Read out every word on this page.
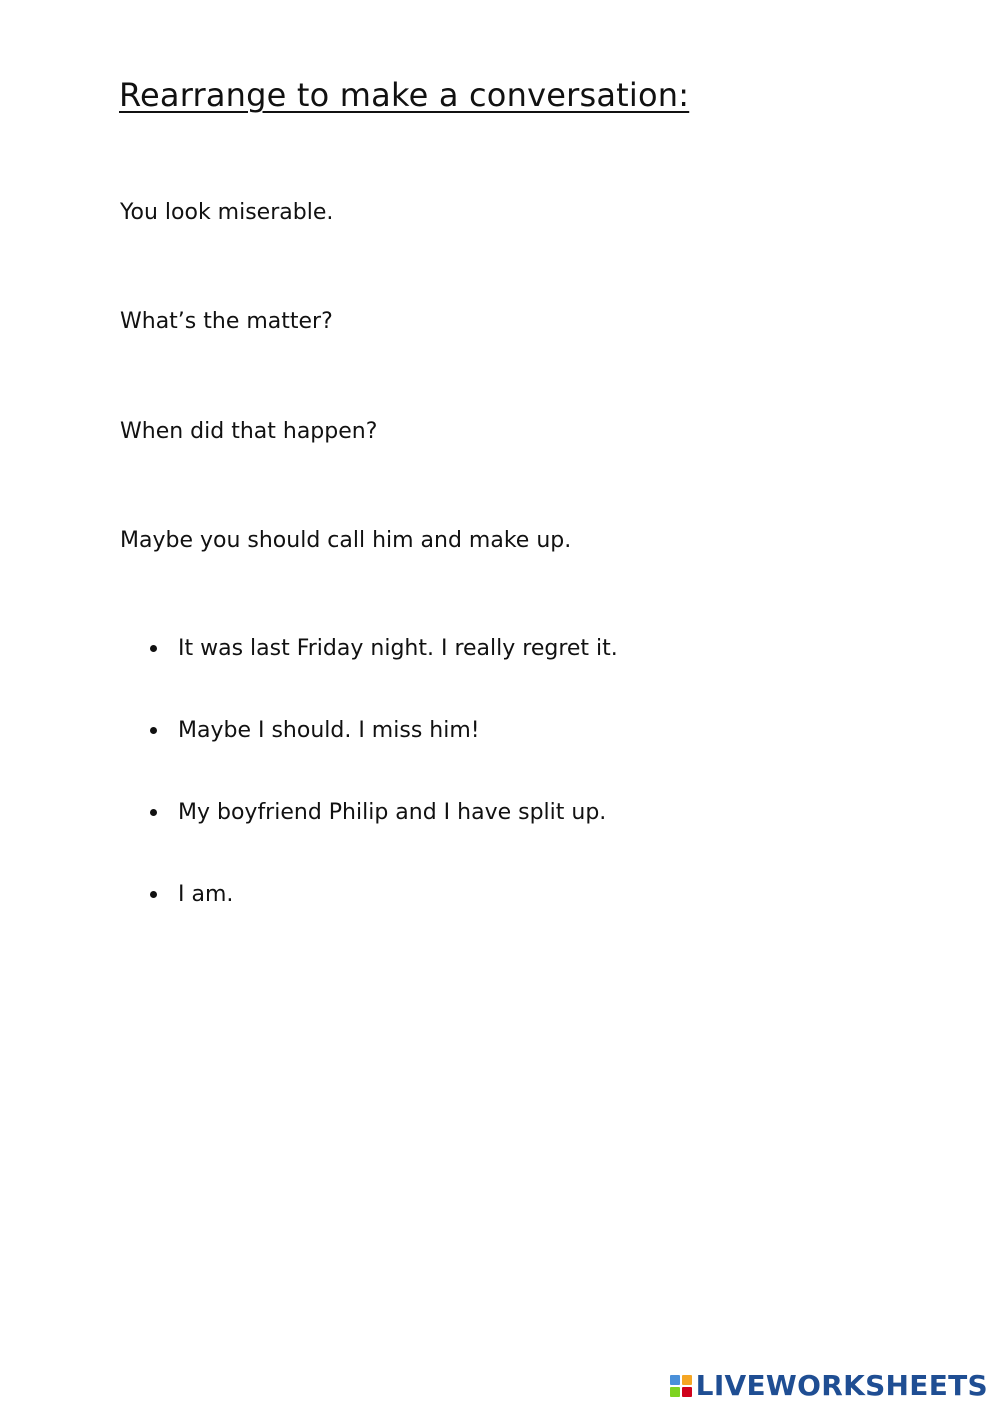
Rearrange to make a conversation:

You look miserable.

What’s the matter?

When did that happen?

Maybe you should call him and make up.

It was last Friday night. I really regret it.
Maybe I should. I miss him!
My boyfriend Philip and I have split up.
I am.
LIVEWORKSHEETS
